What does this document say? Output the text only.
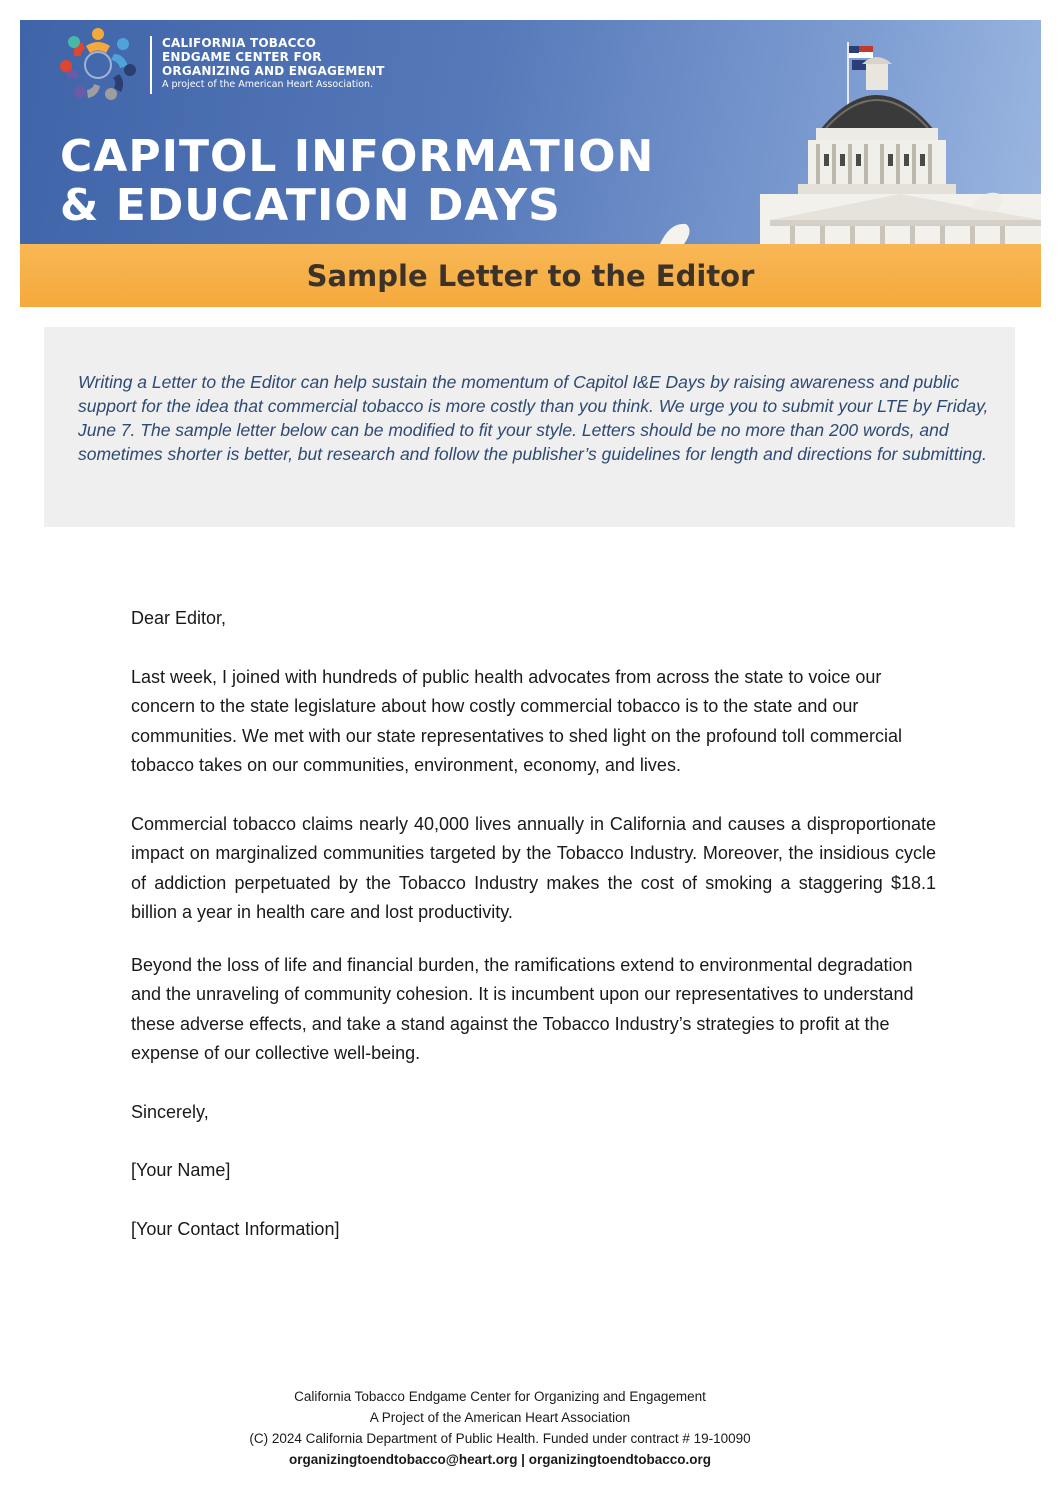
CALIFORNIA TOBACCO
ENDGAME CENTER FOR
ORGANIZING AND ENGAGEMENT
A project of the American Heart Association.
CAPITOL INFORMATION
& EDUCATION DAYS
Sample Letter to the Editor

Writing a Letter to the Editor can help sustain the momentum of Capitol I&E Days by raising awareness and public support for the idea that commercial tobacco is more costly than you think. We urge you to submit your LTE by Friday, June 7. The sample letter below can be modified to fit your style. Letters should be no more than 200 words, and sometimes shorter is better, but research and follow the publisher’s guidelines for length and directions for submitting.

Dear Editor,

Last week, I joined with hundreds of public health advocates from across the state to voice our concern to the state legislature about how costly commercial tobacco is to the state and our communities. We met with our state representatives to shed light on the profound toll commercial tobacco takes on our communities, environment, economy, and lives.

Commercial tobacco claims nearly 40,000 lives annually in California and causes a disproportionate impact on marginalized communities targeted by the Tobacco Industry. Moreover, the insidious cycle of addiction perpetuated by the Tobacco Industry makes the cost of smoking a staggering $18.1 billion a year in health care and lost productivity.

Beyond the loss of life and financial burden, the ramifications extend to environmental degradation and the unraveling of community cohesion. It is incumbent upon our representatives to understand these adverse effects, and take a stand against the Tobacco Industry’s strategies to profit at the expense of our collective well-being.

Sincerely,

[Your Name]

[Your Contact Information]

California Tobacco Endgame Center for Organizing and Engagement
A Project of the American Heart Association
(C) 2024 California Department of Public Health. Funded under contract # 19-10090
organizingtoendtobacco@heart.org | organizingtoendtobacco.org
